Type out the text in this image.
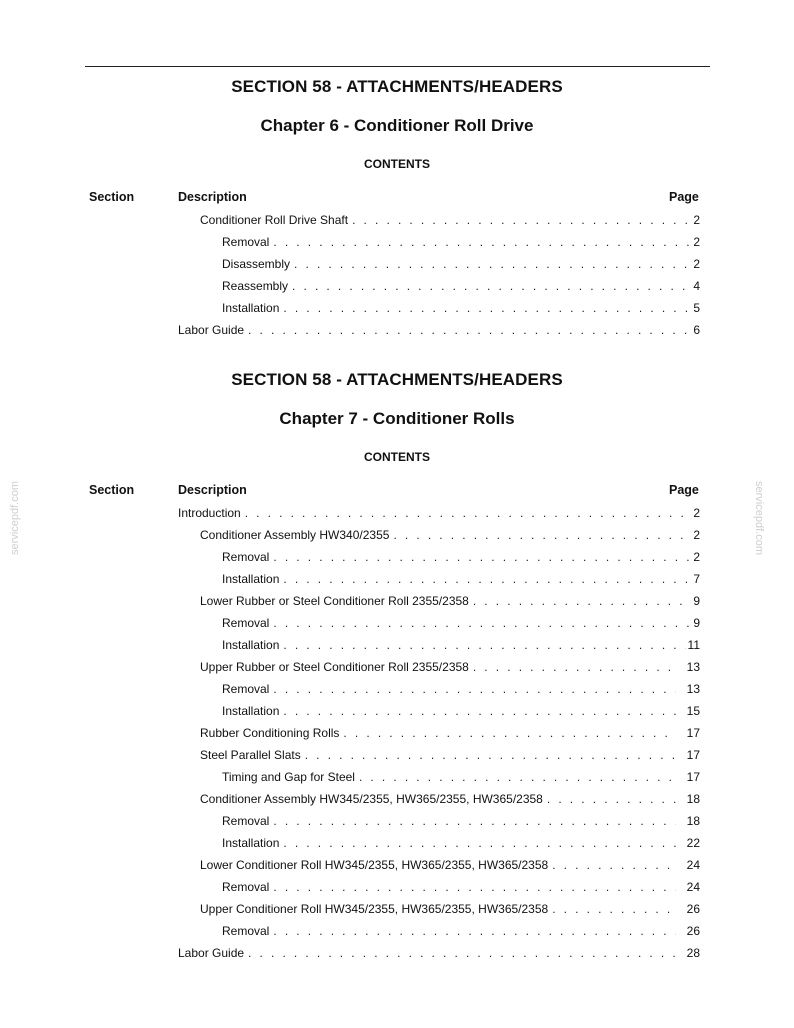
servicepdf.com	servicepdf.com
SECTION 58 - ATTACHMENTS/HEADERS
Chapter 6 - Conditioner Roll Drive
CONTENTS
Section	Description	Page
Conditioner Roll Drive Shaft . . .	2
Removal . . .	2
Disassembly . . .	2
Reassembly . . .	4
Installation . . .	5
Labor Guide . . .	6
SECTION 58 - ATTACHMENTS/HEADERS
Chapter 7 - Conditioner Rolls
CONTENTS
Section	Description	Page
Introduction . . .	2
Conditioner Assembly HW340/2355 . . .	2
Removal . . .	2
Installation . . .	7
Lower Rubber or Steel Conditioner Roll 2355/2358 . . .	9
Removal . . .	9
Installation . . .	11
Upper Rubber or Steel Conditioner Roll 2355/2358 . . .	13
Removal . . .	13
Installation . . .	15
Rubber Conditioning Rolls . . .	17
Steel Parallel Slats . . .	17
Timing and Gap for Steel . . .	17
Conditioner Assembly HW345/2355, HW365/2355, HW365/2358 . . .	18
Removal . . .	18
Installation . . .	22
Lower Conditioner Roll HW345/2355, HW365/2355, HW365/2358 . . .	24
Removal . . .	24
Upper Conditioner Roll HW345/2355, HW365/2355, HW365/2358 . . .	26
Removal . . .	26
Labor Guide . . .	28
